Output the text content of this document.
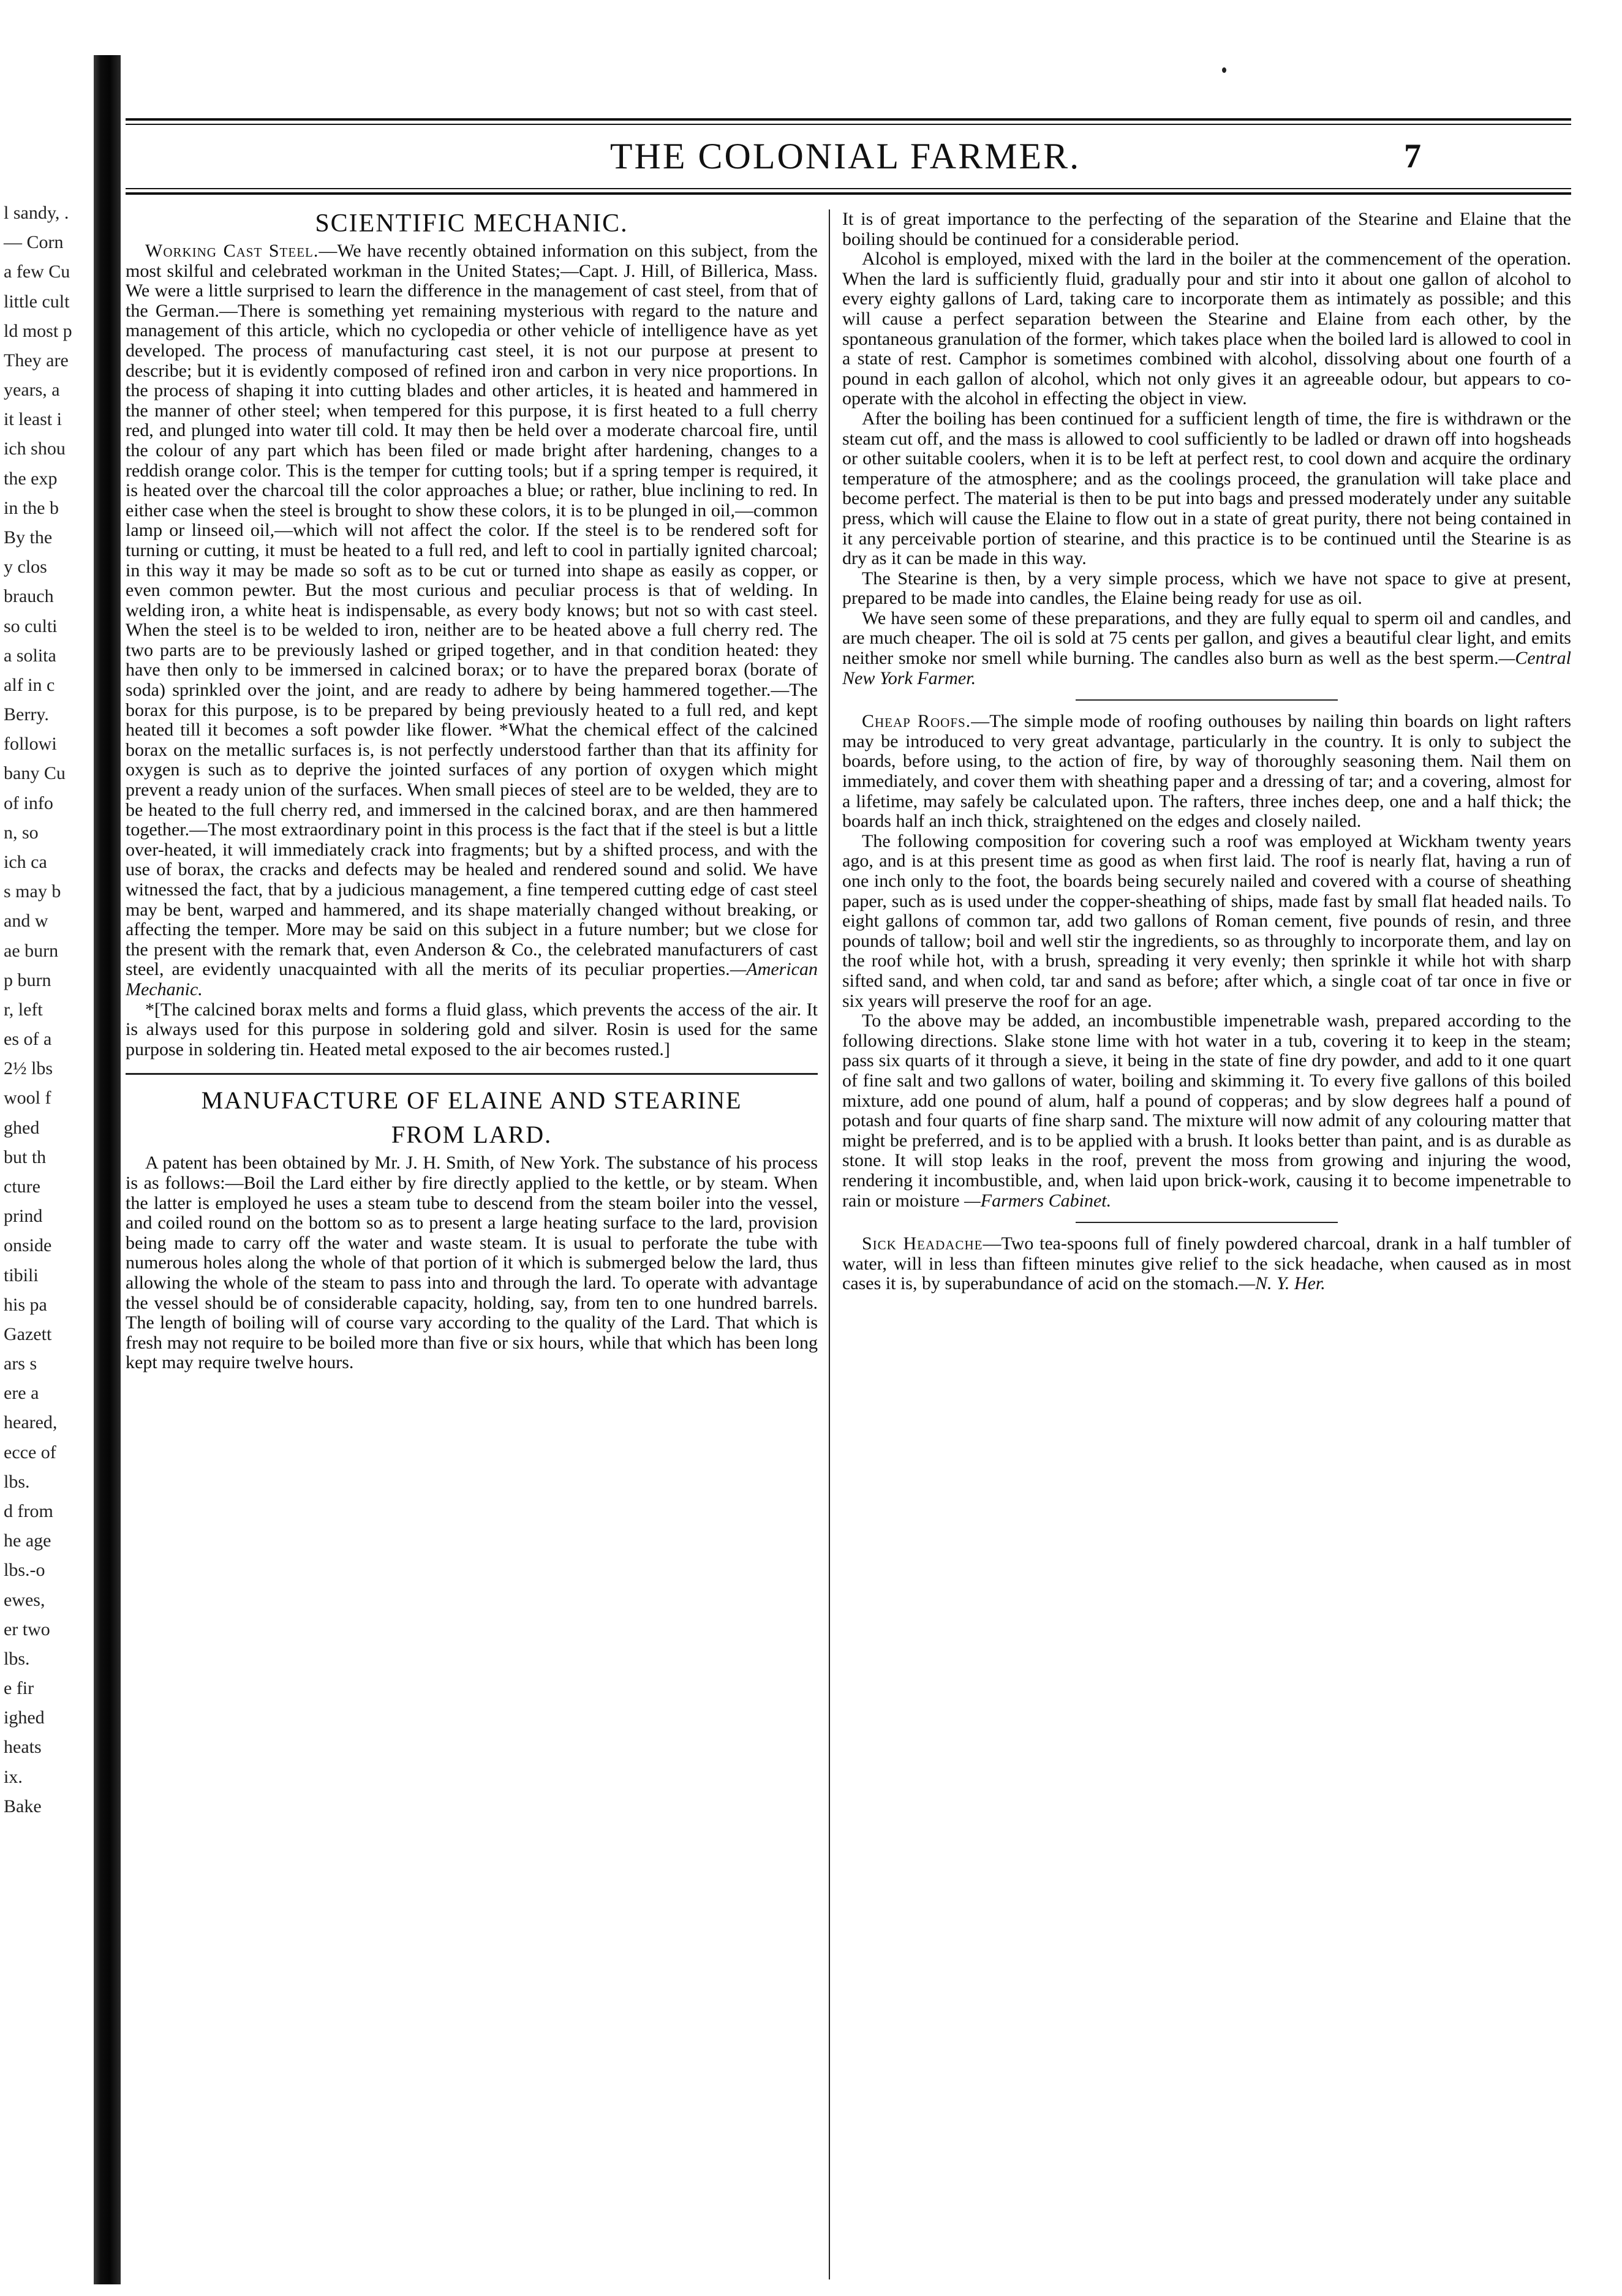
l sandy, .
— Corn
a few Cu
little cult
ld most p
They are
years, a
it least i
ich shou
the exp
in the b
By the
y clos
brauch
so culti
a solita
alf in c
Berry.
followi
bany Cu
of info
n, so
ich ca
s may b
and w
ae burn
p burn
r, left
es of a
2½ lbs
wool f
ghed
but th
cture
prind
onside
tibili
his pa
Gazett
ars s
ere a
heared,
ecce of
lbs.
d from
he age
lbs.-o
ewes,
er two
lbs.
e fir
ighed
heats
ix.
Bake
THE COLONIAL FARMER.	7
SCIENTIFIC MECHANIC.

Working Cast Steel.—We have recently obtained information on this subject, from the most skilful and celebrated workman in the United States;—Capt. J. Hill, of Billerica, Mass. We were a little surprised to learn the difference in the management of cast steel, from that of the German.—There is something yet remaining mysterious with regard to the nature and management of this article, which no cyclopedia or other vehicle of intelligence have as yet developed. The process of manufacturing cast steel, it is not our purpose at present to describe; but it is evidently composed of refined iron and carbon in very nice proportions. In the process of shaping it into cutting blades and other articles, it is heated and hammered in the manner of other steel; when tempered for this purpose, it is first heated to a full cherry red, and plunged into water till cold. It may then be held over a moderate charcoal fire, until the colour of any part which has been filed or made bright after hardening, changes to a reddish orange color. This is the temper for cutting tools; but if a spring temper is required, it is heated over the charcoal till the color approaches a blue; or rather, blue inclining to red. In either case when the steel is brought to show these colors, it is to be plunged in oil,—common lamp or linseed oil,—which will not affect the color. If the steel is to be rendered soft for turning or cutting, it must be heated to a full red, and left to cool in partially ignited charcoal; in this way it may be made so soft as to be cut or turned into shape as easily as copper, or even common pewter. But the most curious and peculiar process is that of welding. In welding iron, a white heat is indispensable, as every body knows; but not so with cast steel. When the steel is to be welded to iron, neither are to be heated above a full cherry red. The two parts are to be previously lashed or griped together, and in that condition heated: they have then only to be immersed in calcined borax; or to have the prepared borax (borate of soda) sprinkled over the joint, and are ready to adhere by being hammered together.—The borax for this purpose, is to be prepared by being previously heated to a full red, and kept heated till it becomes a soft powder like flower. *What the chemical effect of the calcined borax on the metallic surfaces is, is not perfectly understood farther than that its affinity for oxygen is such as to deprive the jointed surfaces of any portion of oxygen which might prevent a ready union of the surfaces. When small pieces of steel are to be welded, they are to be heated to the full cherry red, and immersed in the calcined borax, and are then hammered together.—The most extraordinary point in this process is the fact that if the steel is but a little over-heated, it will immediately crack into fragments; but by a shifted process, and with the use of borax, the cracks and defects may be healed and rendered sound and solid. We have witnessed the fact, that by a judicious management, a fine tempered cutting edge of cast steel may be bent, warped and hammered, and its shape materially changed without breaking, or affecting the temper. More may be said on this subject in a future number; but we close for the present with the remark that, even Anderson & Co., the celebrated manufacturers of cast steel, are evidently unacquainted with all the merits of its peculiar properties.—American Mechanic.

*[The calcined borax melts and forms a fluid glass, which prevents the access of the air. It is always used for this purpose in soldering gold and silver. Rosin is used for the same purpose in soldering tin. Heated metal exposed to the air becomes rusted.]

MANUFACTURE OF ELAINE AND STEARINE
FROM LARD.

A patent has been obtained by Mr. J. H. Smith, of New York. The substance of his process is as follows:—Boil the Lard either by fire directly applied to the kettle, or by steam. When the latter is employed he uses a steam tube to descend from the steam boiler into the vessel, and coiled round on the bottom so as to present a large heating surface to the lard, provision being made to carry off the water and waste steam. It is usual to perforate the tube with numerous holes along the whole of that portion of it which is submerged below the lard, thus allowing the whole of the steam to pass into and through the lard. To operate with advantage the vessel should be of considerable capacity, holding, say, from ten to one hundred barrels. The length of boiling will of course vary according to the quality of the Lard. That which is fresh may not require to be boiled more than five or six hours, while that which has been long kept may require twelve hours.

It is of great importance to the perfecting of the separation of the Stearine and Elaine that the boiling should be continued for a considerable period.

Alcohol is employed, mixed with the lard in the boiler at the commencement of the operation. When the lard is sufficiently fluid, gradually pour and stir into it about one gallon of alcohol to every eighty gallons of Lard, taking care to incorporate them as intimately as possible; and this will cause a perfect separation between the Stearine and Elaine from each other, by the spontaneous granulation of the former, which takes place when the boiled lard is allowed to cool in a state of rest. Camphor is sometimes combined with alcohol, dissolving about one fourth of a pound in each gallon of alcohol, which not only gives it an agreeable odour, but appears to co-operate with the alcohol in effecting the object in view.

After the boiling has been continued for a sufficient length of time, the fire is withdrawn or the steam cut off, and the mass is allowed to cool sufficiently to be ladled or drawn off into hogsheads or other suitable coolers, when it is to be left at perfect rest, to cool down and acquire the ordinary temperature of the atmosphere; and as the coolings proceed, the granulation will take place and become perfect. The material is then to be put into bags and pressed moderately under any suitable press, which will cause the Elaine to flow out in a state of great purity, there not being contained in it any perceivable portion of stearine, and this practice is to be continued until the Stearine is as dry as it can be made in this way.

The Stearine is then, by a very simple process, which we have not space to give at present, prepared to be made into candles, the Elaine being ready for use as oil.

We have seen some of these preparations, and they are fully equal to sperm oil and candles, and are much cheaper. The oil is sold at 75 cents per gallon, and gives a beautiful clear light, and emits neither smoke nor smell while burning. The candles also burn as well as the best sperm.—Central New York Farmer.

Cheap Roofs.—The simple mode of roofing outhouses by nailing thin boards on light rafters may be introduced to very great advantage, particularly in the country. It is only to subject the boards, before using, to the action of fire, by way of thoroughly seasoning them. Nail them on immediately, and cover them with sheathing paper and a dressing of tar; and a covering, almost for a lifetime, may safely be calculated upon. The rafters, three inches deep, one and a half thick; the boards half an inch thick, straightened on the edges and closely nailed.

The following composition for covering such a roof was employed at Wickham twenty years ago, and is at this present time as good as when first laid. The roof is nearly flat, having a run of one inch only to the foot, the boards being securely nailed and covered with a course of sheathing paper, such as is used under the copper-sheathing of ships, made fast by small flat headed nails. To eight gallons of common tar, add two gallons of Roman cement, five pounds of resin, and three pounds of tallow; boil and well stir the ingredients, so as throughly to incorporate them, and lay on the roof while hot, with a brush, spreading it very evenly; then sprinkle it while hot with sharp sifted sand, and when cold, tar and sand as before; after which, a single coat of tar once in five or six years will preserve the roof for an age.

To the above may be added, an incombustible impenetrable wash, prepared according to the following directions. Slake stone lime with hot water in a tub, covering it to keep in the steam; pass six quarts of it through a sieve, it being in the state of fine dry powder, and add to it one quart of fine salt and two gallons of water, boiling and skimming it. To every five gallons of this boiled mixture, add one pound of alum, half a pound of copperas; and by slow degrees half a pound of potash and four quarts of fine sharp sand. The mixture will now admit of any colouring matter that might be preferred, and is to be applied with a brush. It looks better than paint, and is as durable as stone. It will stop leaks in the roof, prevent the moss from growing and injuring the wood, rendering it incombustible, and, when laid upon brick-work, causing it to become impenetrable to rain or moisture —Farmers Cabinet.

Sick Headache—Two tea-spoons full of finely powdered charcoal, drank in a half tumbler of water, will in less than fifteen minutes give relief to the sick headache, when caused as in most cases it is, by superabundance of acid on the stomach.—N. Y. Her.
